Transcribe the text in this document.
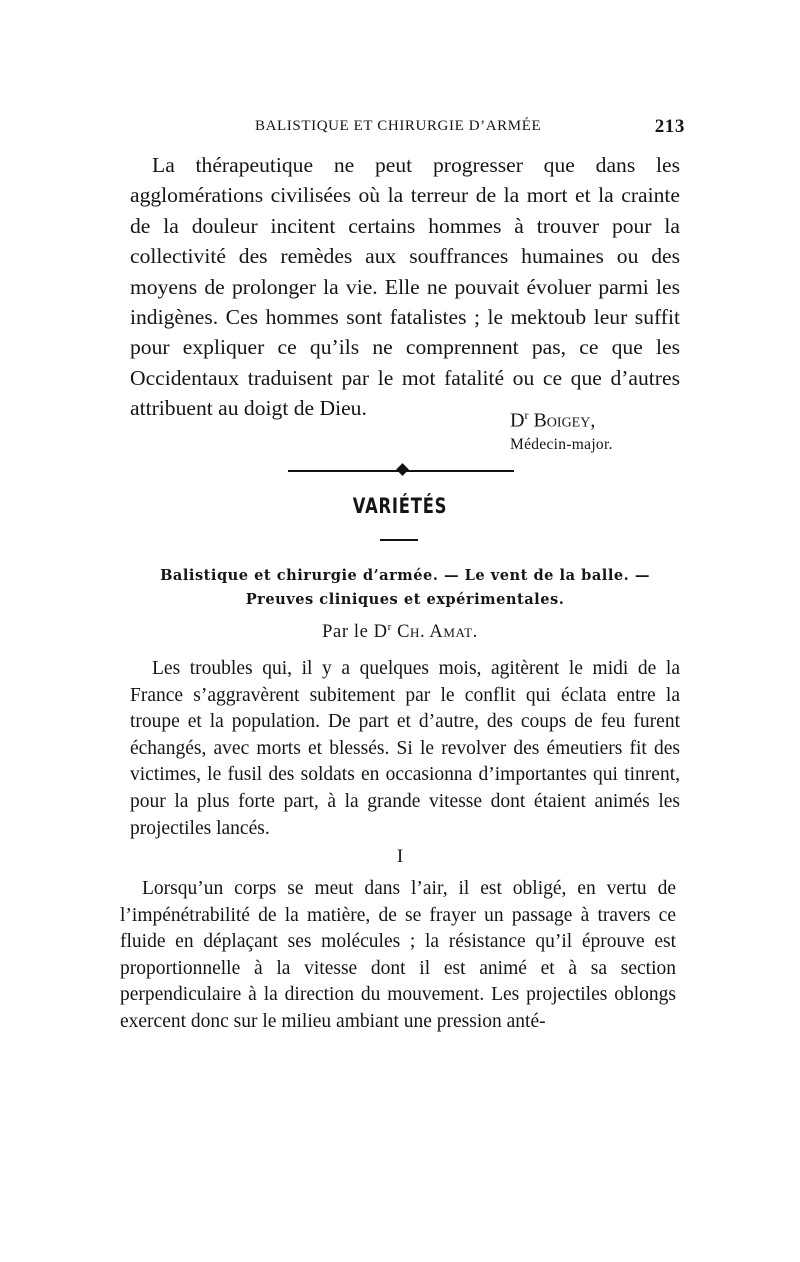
BALISTIQUE ET CHIRURGIE D’ARMÉE	213

La thérapeutique ne peut progresser que dans les agglomérations civilisées où la terreur de la mort et la crainte de la douleur incitent certains hommes à trouver pour la collectivité des remèdes aux souffrances humaines ou des moyens de prolonger la vie. Elle ne pouvait évoluer parmi les indigènes. Ces hommes sont fatalistes ; le mektoub leur suffit pour expliquer ce qu’ils ne comprennent pas, ce que les Occidentaux traduisent par le mot fatalité ou ce que d’autres attribuent au doigt de Dieu.

$D^r$ Boigey,
Médecin-major.
VARIÉTÉS
Balistique et chirurgie d’armée. — Le vent de la balle. —
Preuves cliniques et expérimentales.
Par le $D^r$ Ch. Amat.

Les troubles qui, il y a quelques mois, agitèrent le midi de la France s’aggravèrent subitement par le conflit qui éclata entre la troupe et la population. De part et d’autre, des coups de feu furent échangés, avec morts et blessés. Si le revolver des émeutiers fit des victimes, le fusil des soldats en occasionna d’importantes qui tinrent, pour la plus forte part, à la grande vitesse dont étaient animés les projectiles lancés.

I

Lorsqu’un corps se meut dans l’air, il est obligé, en vertu de l’impénétrabilité de la matière, de se frayer un passage à travers ce fluide en déplaçant ses molécules ; la résistance qu’il éprouve est proportionnelle à la vitesse dont il est animé et à sa section perpendiculaire à la direction du mouvement. Les projectiles oblongs exercent donc sur le milieu ambiant une pression anté-
